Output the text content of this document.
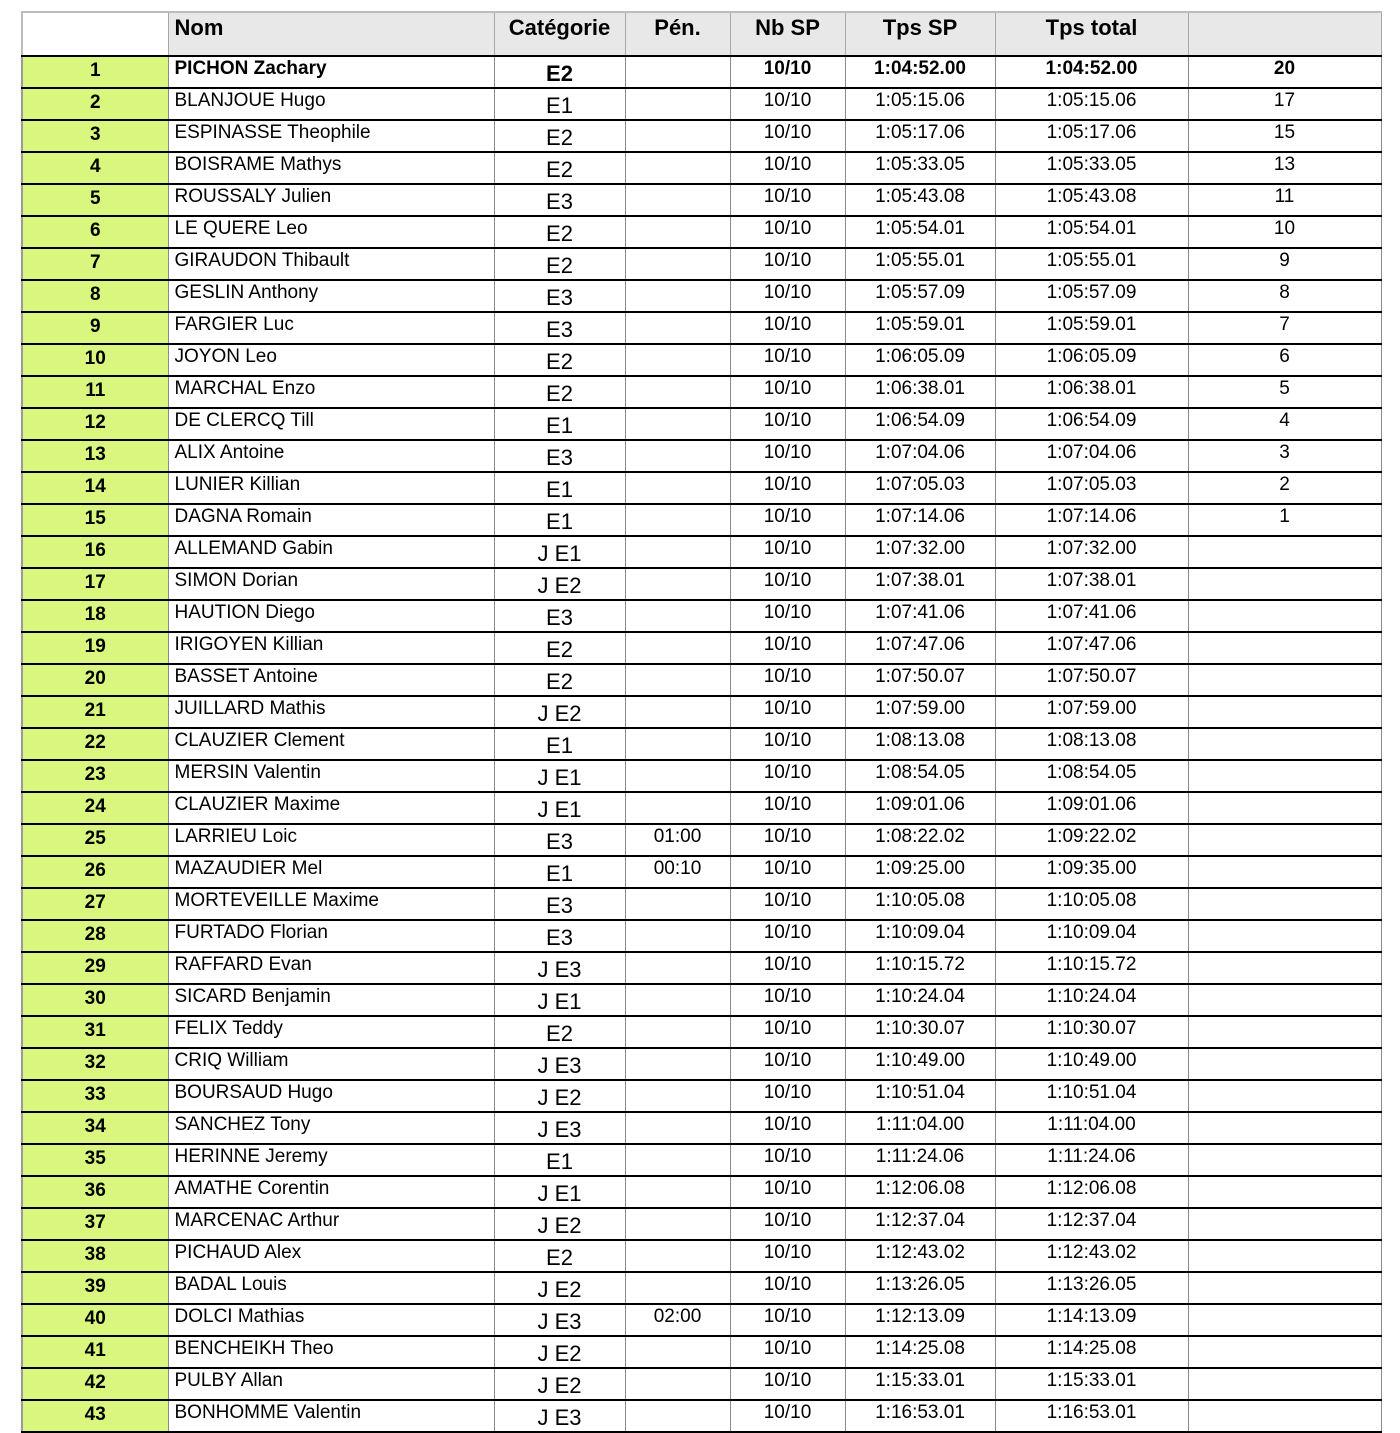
	Nom	Catégorie	Pén.	Nb SP	Tps SP	Tps total	
1	PICHON Zachary	E2		10/10	1:04:52.00	1:04:52.00	20
2	BLANJOUE Hugo	E1		10/10	1:05:15.06	1:05:15.06	17
3	ESPINASSE Theophile	E2		10/10	1:05:17.06	1:05:17.06	15
4	BOISRAME Mathys	E2		10/10	1:05:33.05	1:05:33.05	13
5	ROUSSALY Julien	E3		10/10	1:05:43.08	1:05:43.08	11
6	LE QUERE Leo	E2		10/10	1:05:54.01	1:05:54.01	10
7	GIRAUDON Thibault	E2		10/10	1:05:55.01	1:05:55.01	9
8	GESLIN Anthony	E3		10/10	1:05:57.09	1:05:57.09	8
9	FARGIER Luc	E3		10/10	1:05:59.01	1:05:59.01	7
10	JOYON Leo	E2		10/10	1:06:05.09	1:06:05.09	6
11	MARCHAL Enzo	E2		10/10	1:06:38.01	1:06:38.01	5
12	DE CLERCQ Till	E1		10/10	1:06:54.09	1:06:54.09	4
13	ALIX Antoine	E3		10/10	1:07:04.06	1:07:04.06	3
14	LUNIER Killian	E1		10/10	1:07:05.03	1:07:05.03	2
15	DAGNA Romain	E1		10/10	1:07:14.06	1:07:14.06	1
16	ALLEMAND Gabin	J E1		10/10	1:07:32.00	1:07:32.00	
17	SIMON Dorian	J E2		10/10	1:07:38.01	1:07:38.01	
18	HAUTION Diego	E3		10/10	1:07:41.06	1:07:41.06	
19	IRIGOYEN Killian	E2		10/10	1:07:47.06	1:07:47.06	
20	BASSET Antoine	E2		10/10	1:07:50.07	1:07:50.07	
21	JUILLARD Mathis	J E2		10/10	1:07:59.00	1:07:59.00	
22	CLAUZIER Clement	E1		10/10	1:08:13.08	1:08:13.08	
23	MERSIN Valentin	J E1		10/10	1:08:54.05	1:08:54.05	
24	CLAUZIER Maxime	J E1		10/10	1:09:01.06	1:09:01.06	
25	LARRIEU Loic	E3	01:00	10/10	1:08:22.02	1:09:22.02	
26	MAZAUDIER Mel	E1	00:10	10/10	1:09:25.00	1:09:35.00	
27	MORTEVEILLE Maxime	E3		10/10	1:10:05.08	1:10:05.08	
28	FURTADO Florian	E3		10/10	1:10:09.04	1:10:09.04	
29	RAFFARD Evan	J E3		10/10	1:10:15.72	1:10:15.72	
30	SICARD Benjamin	J E1		10/10	1:10:24.04	1:10:24.04	
31	FELIX Teddy	E2		10/10	1:10:30.07	1:10:30.07	
32	CRIQ William	J E3		10/10	1:10:49.00	1:10:49.00	
33	BOURSAUD Hugo	J E2		10/10	1:10:51.04	1:10:51.04	
34	SANCHEZ Tony	J E3		10/10	1:11:04.00	1:11:04.00	
35	HERINNE Jeremy	E1		10/10	1:11:24.06	1:11:24.06	
36	AMATHE Corentin	J E1		10/10	1:12:06.08	1:12:06.08	
37	MARCENAC Arthur	J E2		10/10	1:12:37.04	1:12:37.04	
38	PICHAUD Alex	E2		10/10	1:12:43.02	1:12:43.02	
39	BADAL Louis	J E2		10/10	1:13:26.05	1:13:26.05	
40	DOLCI Mathias	J E3	02:00	10/10	1:12:13.09	1:14:13.09	
41	BENCHEIKH Theo	J E2		10/10	1:14:25.08	1:14:25.08	
42	PULBY Allan	J E2		10/10	1:15:33.01	1:15:33.01	
43	BONHOMME Valentin	J E3		10/10	1:16:53.01	1:16:53.01	
